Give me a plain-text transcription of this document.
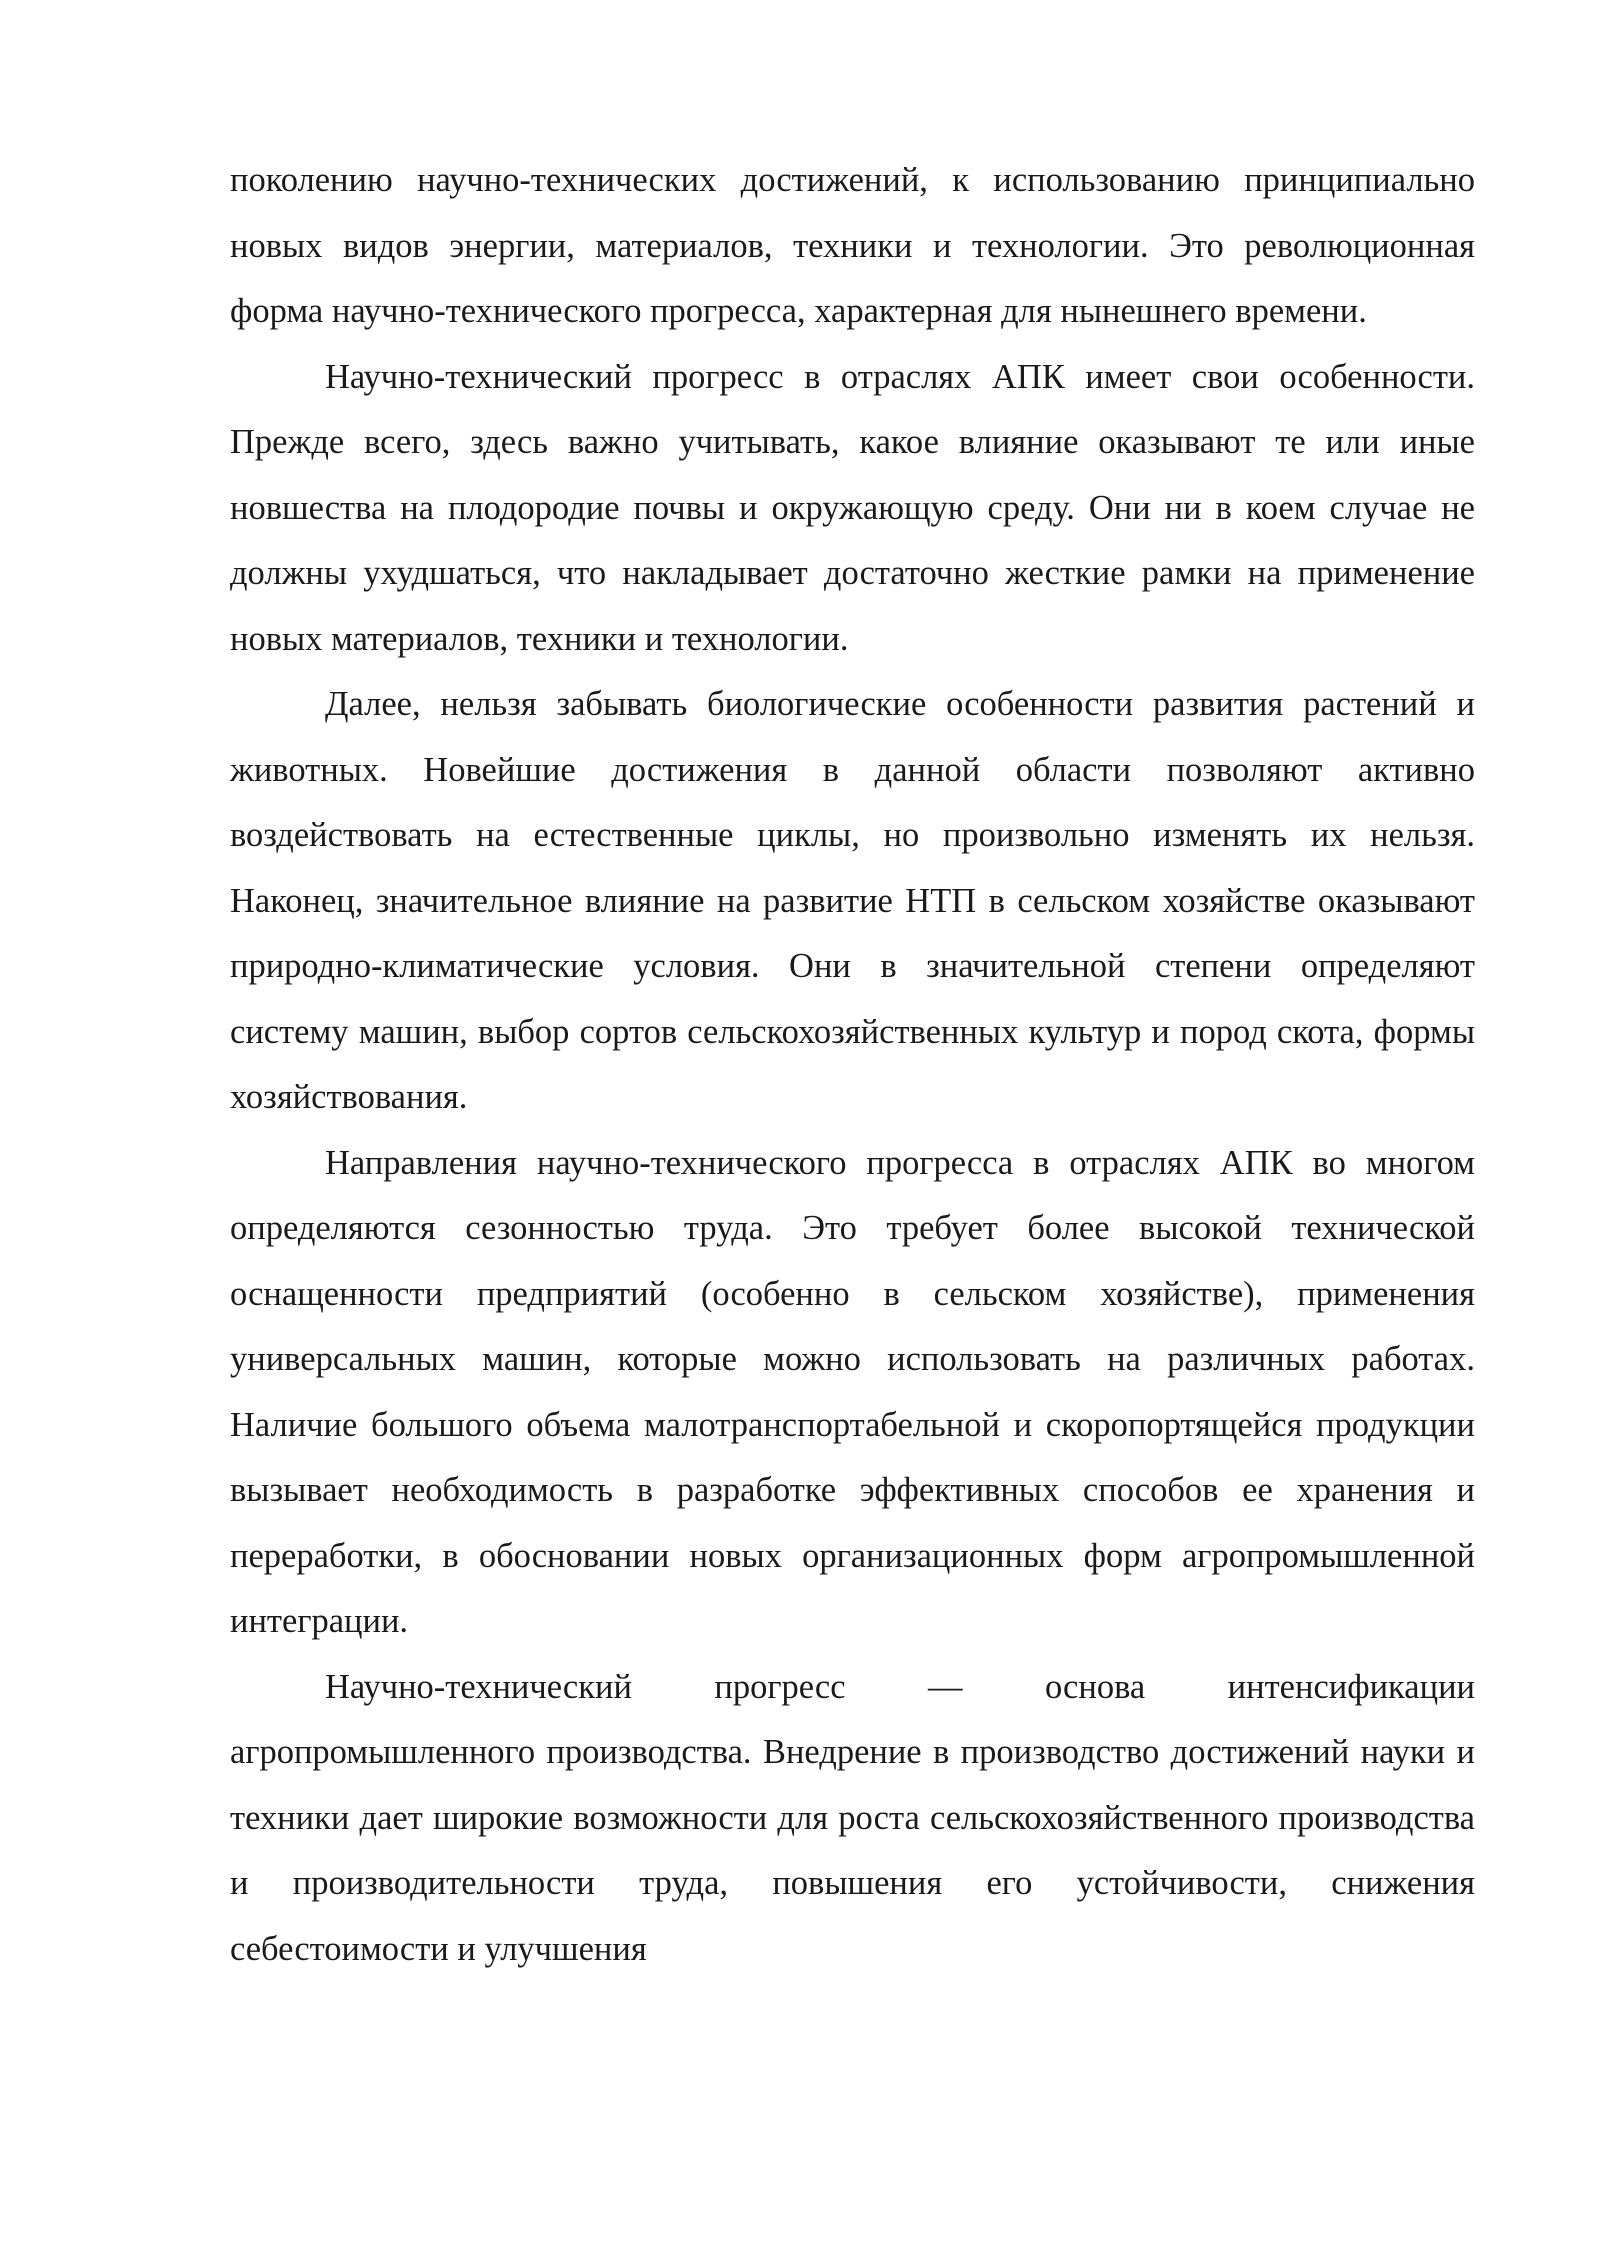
поколению научно-технических достижений, к использованию принципиально новых видов энергии, материалов, техники и технологии. Это революционная форма научно-технического прогресса, характерная для нынешнего времени.

Научно-технический прогресс в отраслях АПК имеет свои особенности. Прежде всего, здесь важно учитывать, какое влияние оказывают те или иные новшества на плодородие почвы и окружающую среду. Они ни в коем случае не должны ухудшаться, что накладывает достаточно жесткие рамки на применение новых материалов, техники и технологии.

Далее, нельзя забывать биологические особенности развития растений и животных. Новейшие достижения в данной области позволяют активно воздействовать на естественные циклы, но произвольно изменять их нельзя. Наконец, значительное влияние на развитие НТП в сельском хозяйстве оказывают природно-климатические условия. Они в значительной степени определяют систему машин, выбор сортов сельскохозяйственных культур и пород скота, формы хозяйствования.

Направления научно-технического прогресса в отраслях АПК во многом определяются сезонностью труда. Это требует более высокой технической оснащенности предприятий (особенно в сельском хозяйстве), применения универсальных машин, которые можно использовать на различных работах. Наличие большого объема малотранспортабельной и скоропортящейся продукции вызывает необходимость в разработке эффективных способов ее хранения и переработки, в обосновании новых организационных форм агропромышленной интеграции.

Научно-технический прогресс — основа интенсификации агропромышленного производства. Внедрение в производство достижений науки и техники дает широкие возможности для роста сельскохозяйственного производства и производительности труда, повышения его устойчивости, снижения себестоимости и улучшения
